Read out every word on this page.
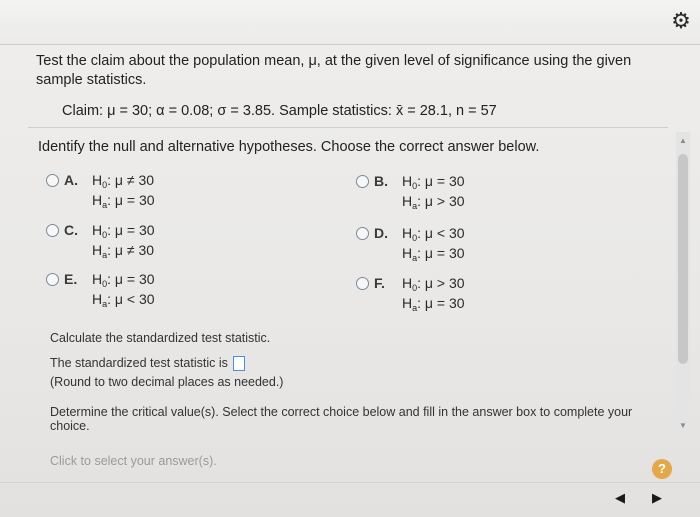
⚙
Test the claim about the population mean, μ, at the given level of significance using the given sample statistics.
Claim: μ = 30; α = 0.08; σ = 3.85. Sample statistics: x̄ = 28.1, n = 57
Identify the null and alternative hypotheses. Choose the correct answer below.	▲
▼
A. $H_0$: μ ≠ 30
$H_a$: μ = 30
B. $H_0$: μ = 30
$H_a$: μ > 30
C. $H_0$: μ = 30
$H_a$: μ ≠ 30
D. $H_0$: μ < 30
$H_a$: μ = 30
E. $H_0$: μ = 30
$H_a$: μ < 30
F. $H_0$: μ > 30
$H_a$: μ = 30
Calculate the standardized test statistic.
The standardized test statistic is
(Round to two decimal places as needed.)
Determine the critical value(s). Select the correct choice below and fill in the answer box to complete your choice.
Click to select your answer(s).	?
◀ ▶
